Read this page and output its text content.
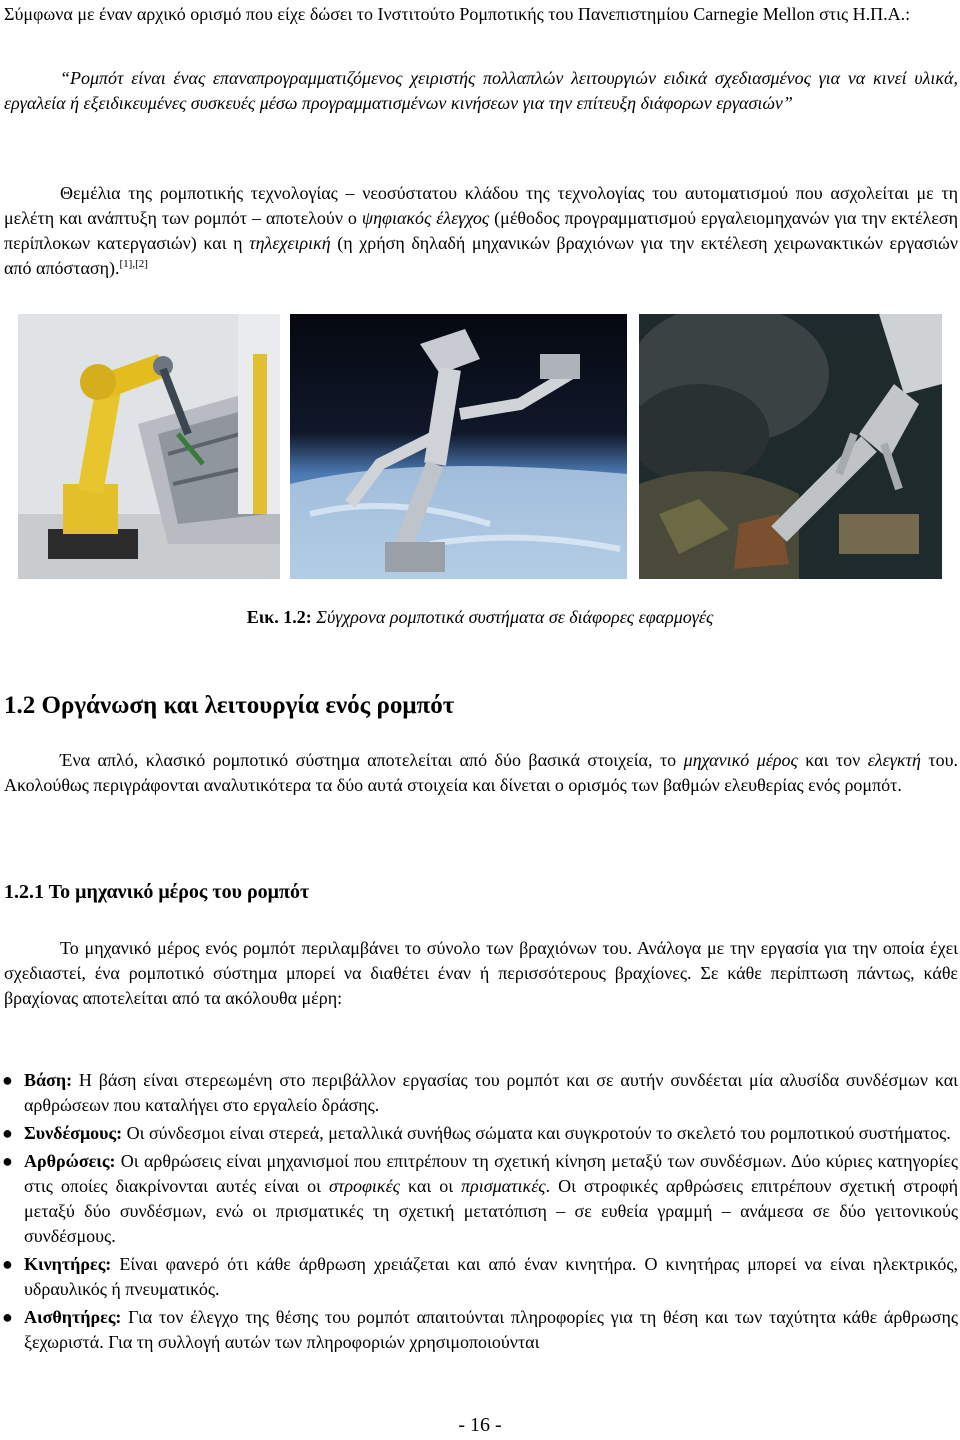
Σύμφωνα με έναν αρχικό ορισμό που είχε δώσει το Ινστιτούτο Ρομποτικής του Πανεπιστημίου Carnegie Mellon στις Η.Π.Α.:

“Ρομπότ είναι ένας επαναπρογραμματιζόμενος χειριστής πολλαπλών λειτουργιών ειδικά σχεδιασμένος για να κινεί υλικά, εργαλεία ή εξειδικευμένες συσκευές μέσω προγραμματισμένων κινήσεων για την επίτευξη διάφορων εργασιών”

Θεμέλια της ρομποτικής τεχνολογίας – νεοσύστατου κλάδου της τεχνολογίας του αυτοματισμού που ασχολείται με τη μελέτη και ανάπτυξη των ρομπότ – αποτελούν ο ψηφιακός έλεγχος (μέθοδος προγραμματισμού εργαλειομηχανών για την εκτέλεση περίπλοκων κατεργασιών) και η τηλεχειρική (η χρήση δηλαδή μηχανικών βραχιόνων για την εκτέλεση χειρωνακτικών εργασιών από απόσταση).[1],[2]

Εικ. 1.2: Σύγχρονα ρομποτικά συστήματα σε διάφορες εφαρμογές
1.2 Οργάνωση και λειτουργία ενός ρομπότ

Ένα απλό, κλασικό ρομποτικό σύστημα αποτελείται από δύο βασικά στοιχεία, το μηχανικό μέρος και τον ελεγκτή του. Ακολούθως περιγράφονται αναλυτικότερα τα δύο αυτά στοιχεία και δίνεται ο ορισμός των βαθμών ελευθερίας ενός ρομπότ.

1.2.1 Το μηχανικό μέρος του ρομπότ

Το μηχανικό μέρος ενός ρομπότ περιλαμβάνει το σύνολο των βραχιόνων του. Ανάλογα με την εργασία για την οποία έχει σχεδιαστεί, ένα ρομποτικό σύστημα μπορεί να διαθέτει έναν ή περισσότερους βραχίονες. Σε κάθε περίπτωση πάντως, κάθε βραχίονας αποτελείται από τα ακόλουθα μέρη:

● Βάση: Η βάση είναι στερεωμένη στο περιβάλλον εργασίας του ρομπότ και σε αυτήν συνδέεται μία αλυσίδα συνδέσμων και αρθρώσεων που καταλήγει στο εργαλείο δράσης.
● Συνδέσμους: Οι σύνδεσμοι είναι στερεά, μεταλλικά συνήθως σώματα και συγκροτούν το σκελετό του ρομποτικού συστήματος.
● Αρθρώσεις: Οι αρθρώσεις είναι μηχανισμοί που επιτρέπουν τη σχετική κίνηση μεταξύ των συνδέσμων. Δύο κύριες κατηγορίες στις οποίες διακρίνονται αυτές είναι οι στροφικές και οι πρισματικές. Οι στροφικές αρθρώσεις επιτρέπουν σχετική στροφή μεταξύ δύο συνδέσμων, ενώ οι πρισματικές τη σχετική μετατόπιση – σε ευθεία γραμμή – ανάμεσα σε δύο γειτονικούς συνδέσμους.
● Κινητήρες: Είναι φανερό ότι κάθε άρθρωση χρειάζεται και από έναν κινητήρα. Ο κινητήρας μπορεί να είναι ηλεκτρικός, υδραυλικός ή πνευματικός.
● Αισθητήρες: Για τον έλεγχο της θέσης του ρομπότ απαιτούνται πληροφορίες για τη θέση και των ταχύτητα κάθε άρθρωσης ξεχωριστά. Για τη συλλογή αυτών των πληροφοριών χρησιμοποιούνται
- 16 -
